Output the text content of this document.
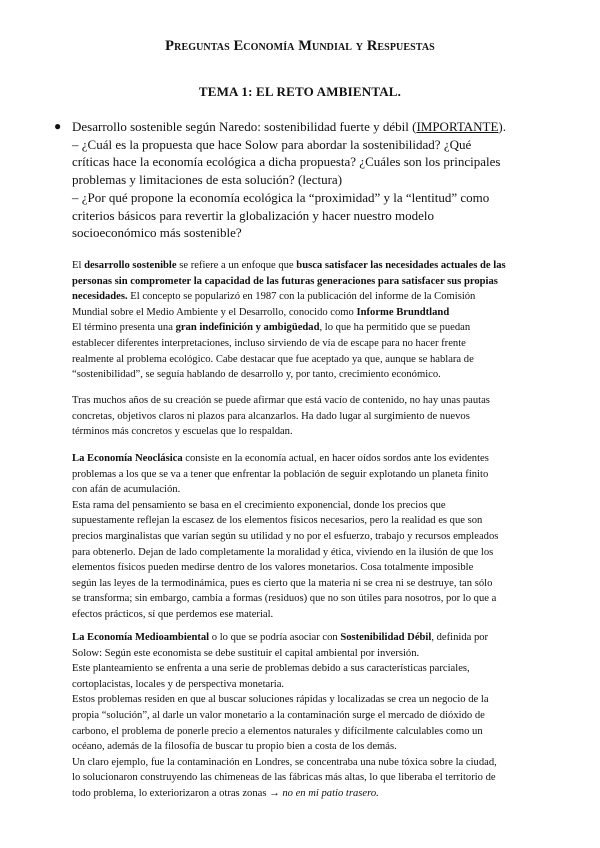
Preguntas Economía Mundial y Respuestas
TEMA 1: EL RETO AMBIENTAL.
● Desarrollo sostenible según Naredo: sostenibilidad fuerte y débil (IMPORTANTE).
– ¿Cuál es la propuesta que hace Solow para abordar la sostenibilidad? ¿Qué
críticas hace la economía ecológica a dicha propuesta? ¿Cuáles son los principales
problemas y limitaciones de esta solución? (lectura)
– ¿Por qué propone la economía ecológica la “proximidad” y la “lentitud” como
criterios básicos para revertir la globalización y hacer nuestro modelo
socioeconómico más sostenible?
El desarrollo sostenible se refiere a un enfoque que busca satisfacer las necesidades actuales de las
personas sin comprometer la capacidad de las futuras generaciones para satisfacer sus propias
necesidades. El concepto se popularizó en 1987 con la publicación del informe de la Comisión
Mundial sobre el Medio Ambiente y el Desarrollo, conocido como Informe Brundtland
El término presenta una gran indefinición y ambigüedad, lo que ha permitido que se puedan
establecer diferentes interpretaciones, incluso sirviendo de vía de escape para no hacer frente
realmente al problema ecológico. Cabe destacar que fue aceptado ya que, aunque se hablara de
“sostenibilidad”, se seguía hablando de desarrollo y, por tanto, crecimiento económico.
Tras muchos años de su creación se puede afirmar que está vacío de contenido, no hay unas pautas
concretas, objetivos claros ni plazos para alcanzarlos. Ha dado lugar al surgimiento de nuevos
términos más concretos y escuelas que lo respaldan.
La Economía Neoclásica consiste en la economía actual, en hacer oídos sordos ante los evidentes
problemas a los que se va a tener que enfrentar la población de seguir explotando un planeta finito
con afán de acumulación.
Esta rama del pensamiento se basa en el crecimiento exponencial, donde los precios que
supuestamente reflejan la escasez de los elementos físicos necesarios, pero la realidad es que son
precios marginalistas que varían según su utilidad y no por el esfuerzo, trabajo y recursos empleados
para obtenerlo. Dejan de lado completamente la moralidad y ética, viviendo en la ilusión de que los
elementos físicos pueden medirse dentro de los valores monetarios. Cosa totalmente imposible
según las leyes de la termodinámica, pues es cierto que la materia ni se crea ni se destruye, tan sólo
se transforma; sin embargo, cambia a formas (residuos) que no son útiles para nosotros, por lo que a
efectos prácticos, sí que perdemos ese material.
La Economía Medioambiental o lo que se podría asociar con Sostenibilidad Débil, definida por
Solow: Según este economista se debe sustituir el capital ambiental por inversión.
Este planteamiento se enfrenta a una serie de problemas debido a sus características parciales,
cortoplacistas, locales y de perspectiva monetaria.
Estos problemas residen en que al buscar soluciones rápidas y localizadas se crea un negocio de la
propia “solución”, al darle un valor monetario a la contaminación surge el mercado de dióxido de
carbono, el problema de ponerle precio a elementos naturales y difícilmente calculables como un
océano, además de la filosofía de buscar tu propio bien a costa de los demás.
Un claro ejemplo, fue la contaminación en Londres, se concentraba una nube tóxica sobre la ciudad,
lo solucionaron construyendo las chimeneas de las fábricas más altas, lo que liberaba el territorio de
todo problema, lo exteriorizaron a otras zonas → no en mi patio trasero.
